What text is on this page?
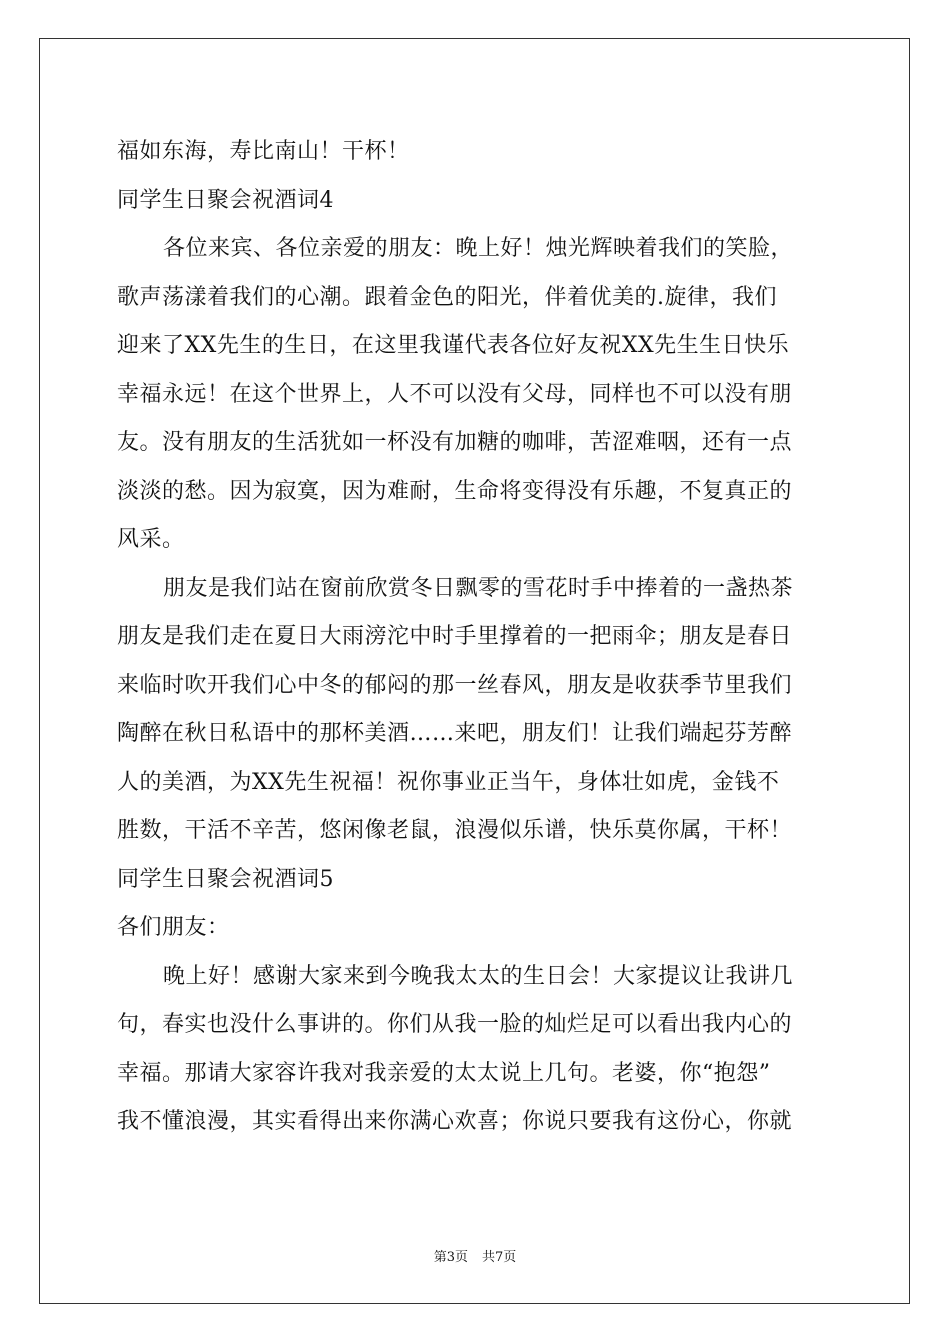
福如东海，寿比南山！干杯！

同学生日聚会祝酒词4

各位来宾、各位亲爱的朋友：晚上好！烛光辉映着我们的笑脸，

歌声荡漾着我们的心潮。跟着金色的阳光，伴着优美的.旋律，我们

迎来了XX先生的生日，在这里我谨代表各位好友祝XX先生生日快乐

幸福永远！在这个世界上，人不可以没有父母，同样也不可以没有朋

友。没有朋友的生活犹如一杯没有加糖的咖啡，苦涩难咽，还有一点

淡淡的愁。因为寂寞，因为难耐，生命将变得没有乐趣，不复真正的

风采。

朋友是我们站在窗前欣赏冬日飘零的雪花时手中捧着的一盏热茶

朋友是我们走在夏日大雨滂沱中时手里撑着的一把雨伞；朋友是春日

来临时吹开我们心中冬的郁闷的那一丝春风，朋友是收获季节里我们

陶醉在秋日私语中的那杯美酒……来吧，朋友们！让我们端起芬芳醉

人的美酒，为XX先生祝福！祝你事业正当午，身体壮如虎，金钱不

胜数，干活不辛苦，悠闲像老鼠，浪漫似乐谱，快乐莫你属，干杯！

同学生日聚会祝酒词5

各们朋友：

晚上好！感谢大家来到今晚我太太的生日会！大家提议让我讲几

句，春实也没什么事讲的。你们从我一脸的灿烂足可以看出我内心的

幸福。那请大家容许我对我亲爱的太太说上几句。老婆，你“抱怨”

我不懂浪漫，其实看得出来你满心欢喜；你说只要我有这份心，你就

第3页 共7页
